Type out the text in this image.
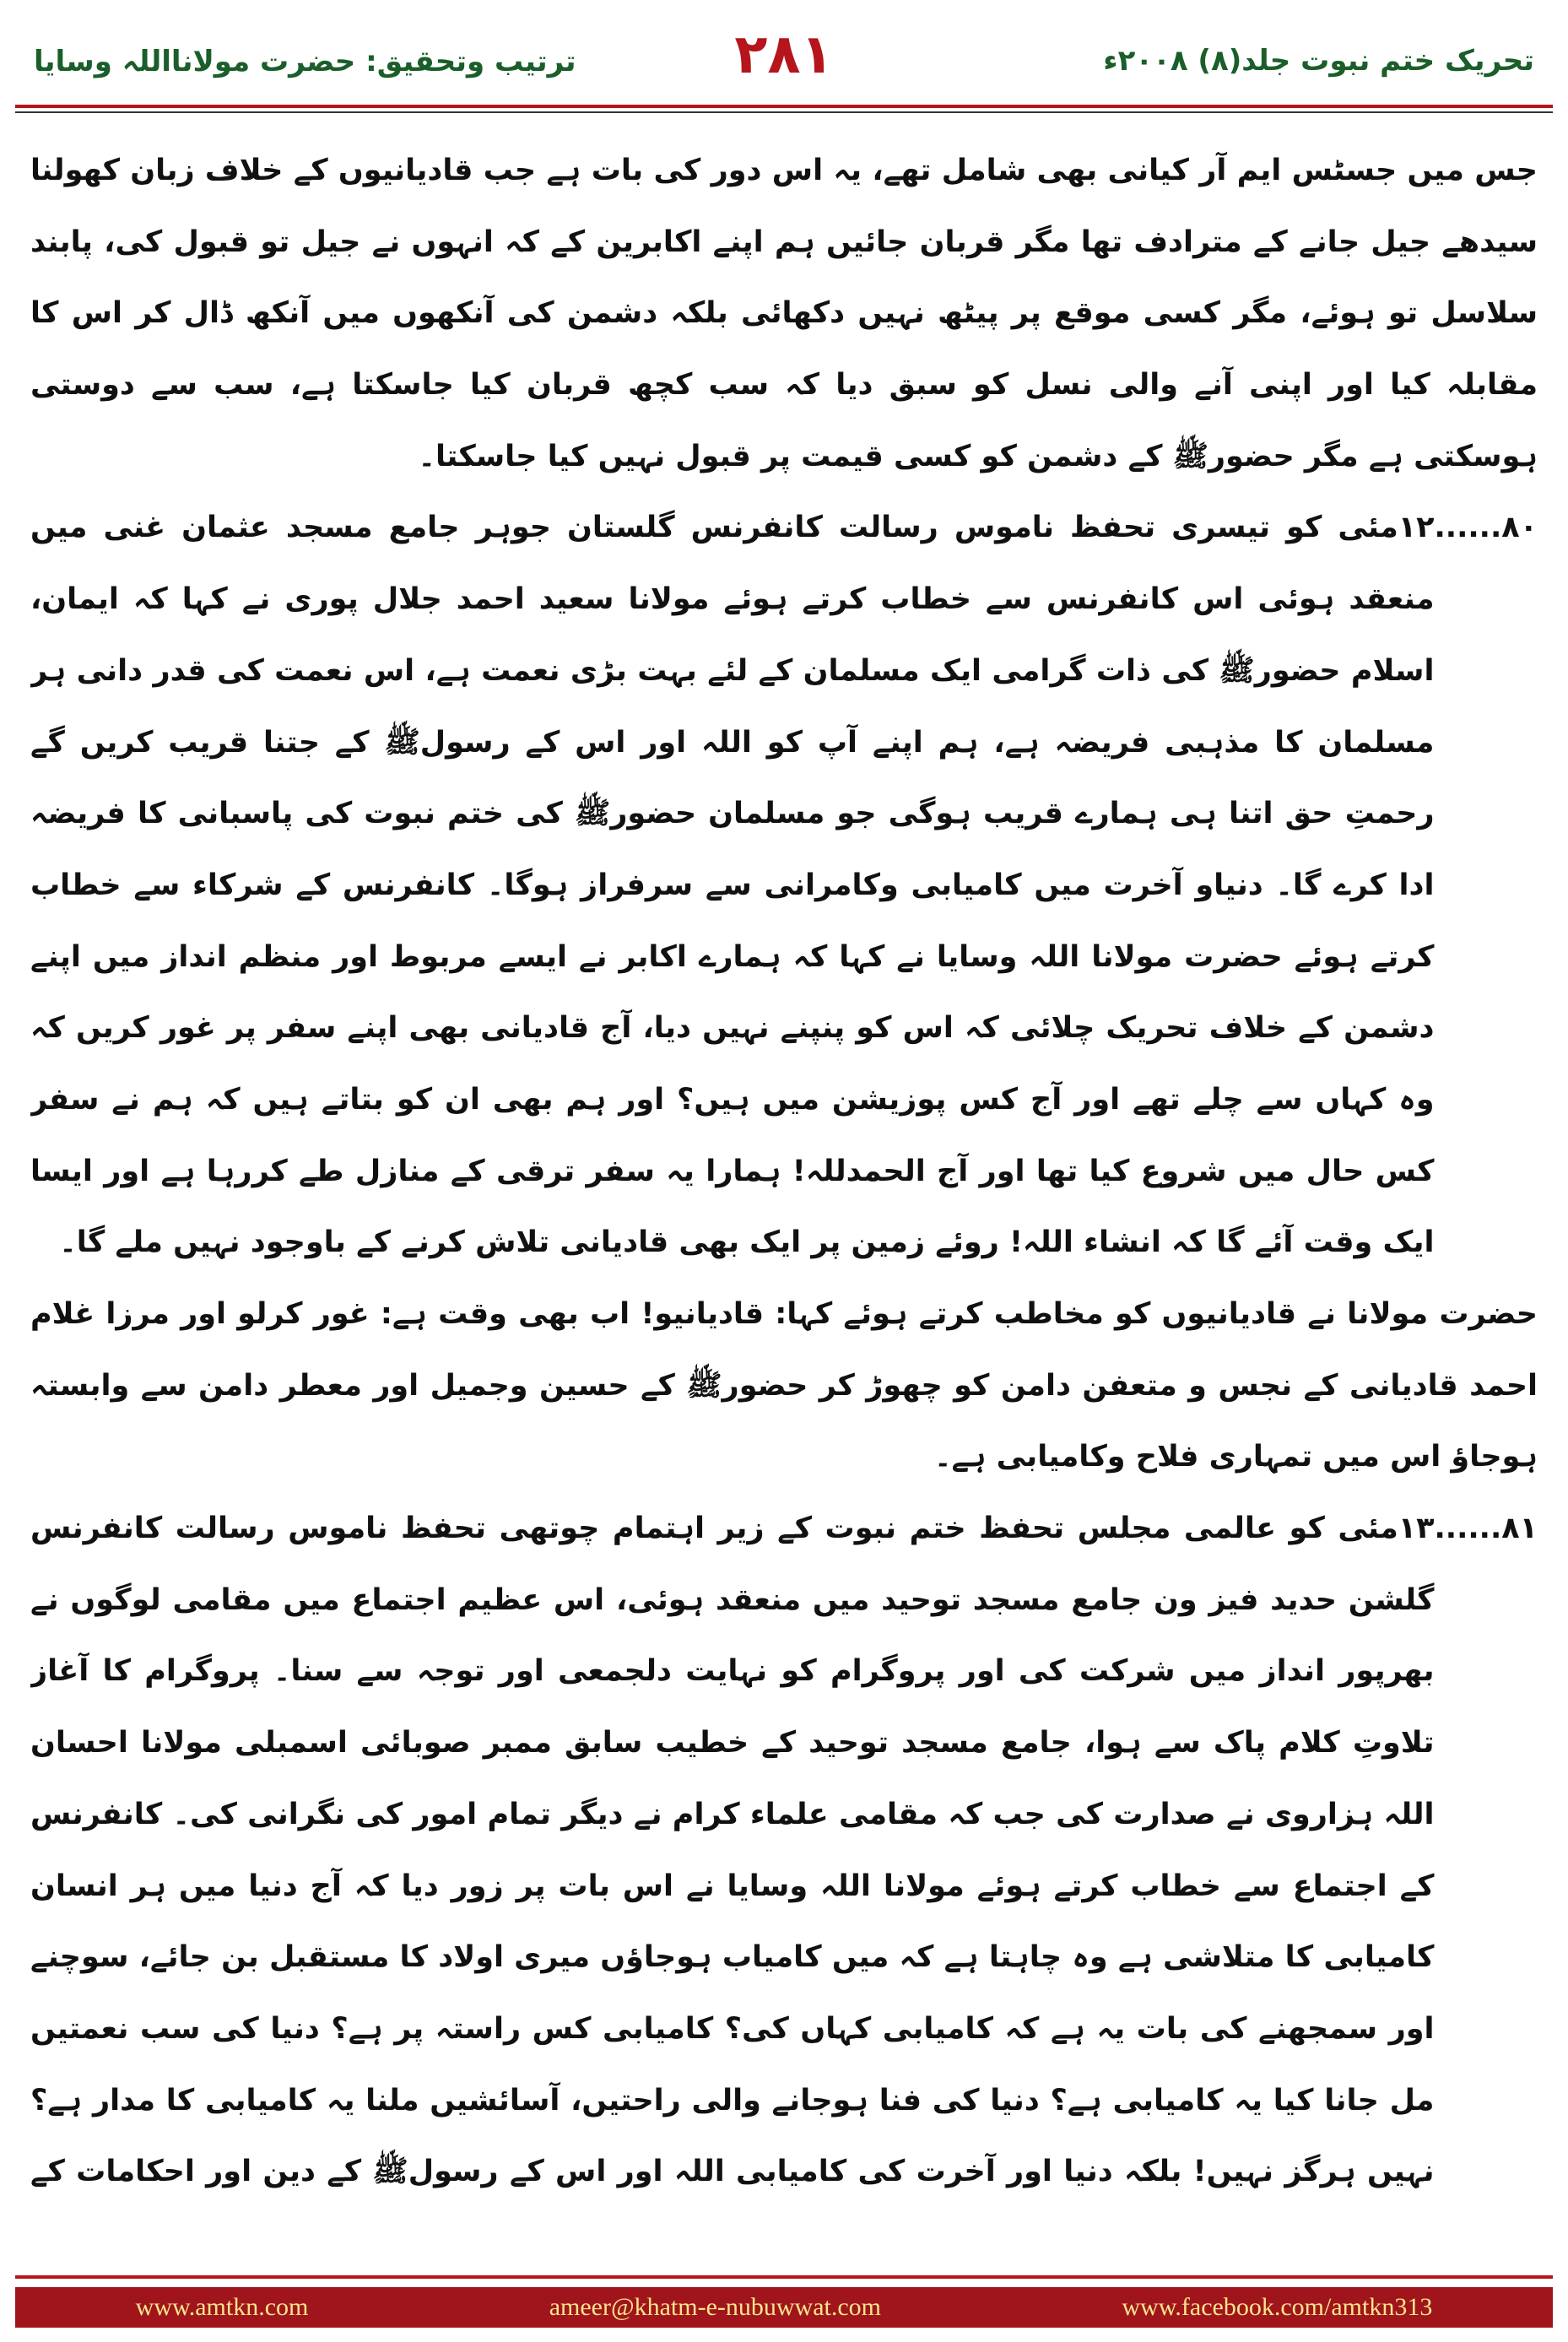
تحریک ختم نبوت جلد(۸) ۲۰۰۸ء
۲۸۱
ترتیب وتحقیق: حضرت مولانااللہ وسایا

جس میں جسٹس ایم آر کیانی بھی شامل تھے، یہ اس دور کی بات ہے جب قادیانیوں کے خلاف زبان کھولنا سیدھے جیل جانے کے مترادف تھا مگر قربان جائیں ہم اپنے اکابرین کے کہ انہوں نے جیل تو قبول کی، پابند سلاسل تو ہوئے، مگر کسی موقع پر پیٹھ نہیں دکھائی بلکہ دشمن کی آنکھوں میں آنکھ ڈال کر اس کا مقابلہ کیا اور اپنی آنے والی نسل کو سبق دیا کہ سب کچھ قربان کیا جاسکتا ہے، سب سے دوستی ہوسکتی ہے مگر حضورﷺ کے دشمن کو کسی قیمت پر قبول نہیں کیا جاسکتا۔

۸۰......
۱۲مئی کو تیسری تحفظ ناموس رسالت کانفرنس گلستان جوہر جامع مسجد عثمان غنی میں منعقد ہوئی اس کانفرنس سے خطاب کرتے ہوئے مولانا سعید احمد جلال پوری نے کہا کہ ایمان، اسلام حضورﷺ کی ذات گرامی ایک مسلمان کے لئے بہت بڑی نعمت ہے، اس نعمت کی قدر دانی ہر مسلمان کا مذہبی فریضہ ہے، ہم اپنے آپ کو اللہ اور اس کے رسولﷺ کے جتنا قریب کریں گے رحمتِ حق اتنا ہی ہمارے قریب ہوگی جو مسلمان حضورﷺ کی ختم نبوت کی پاسبانی کا فریضہ ادا کرے گا۔ دنیاو آخرت میں کامیابی وکامرانی سے سرفراز ہوگا۔ کانفرنس کے شرکاء سے خطاب کرتے ہوئے حضرت مولانا اللہ وسایا نے کہا کہ ہمارے اکابر نے ایسے مربوط اور منظم انداز میں اپنے دشمن کے خلاف تحریک چلائی کہ اس کو پنپنے نہیں دیا، آج قادیانی بھی اپنے سفر پر غور کریں کہ وہ کہاں سے چلے تھے اور آج کس پوزیشن میں ہیں؟ اور ہم بھی ان کو بتاتے ہیں کہ ہم نے سفر کس حال میں شروع کیا تھا اور آج الحمدللہ! ہمارا یہ سفر ترقی کے منازل طے کررہا ہے اور ایسا ایک وقت آئے گا کہ انشاء اللہ! روئے زمین پر ایک بھی قادیانی تلاش کرنے کے باوجود نہیں ملے گا۔

حضرت مولانا نے قادیانیوں کو مخاطب کرتے ہوئے کہا: قادیانیو! اب بھی وقت ہے: غور کرلو اور مرزا غلام احمد قادیانی کے نجس و متعفن دامن کو چھوڑ کر حضورﷺ کے حسین وجمیل اور معطر دامن سے وابستہ ہوجاؤ اس میں تمہاری فلاح وکامیابی ہے۔

۸۱......
۱۳مئی کو عالمی مجلس تحفظ ختم نبوت کے زیر اہتمام چوتھی تحفظ ناموس رسالت کانفرنس گلشن حدید فیز ون جامع مسجد توحید میں منعقد ہوئی، اس عظیم اجتماع میں مقامی لوگوں نے بھرپور انداز میں شرکت کی اور پروگرام کو نہایت دلجمعی اور توجہ سے سنا۔ پروگرام کا آغاز تلاوتِ کلام پاک سے ہوا، جامع مسجد توحید کے خطیب سابق ممبر صوبائی اسمبلی مولانا احسان اللہ ہزاروی نے صدارت کی جب کہ مقامی علماء کرام نے دیگر تمام امور کی نگرانی کی۔ کانفرنس کے اجتماع سے خطاب کرتے ہوئے مولانا اللہ وسایا نے اس بات پر زور دیا کہ آج دنیا میں ہر انسان کامیابی کا متلاشی ہے وہ چاہتا ہے کہ میں کامیاب ہوجاؤں میری اولاد کا مستقبل بن جائے، سوچنے اور سمجھنے کی بات یہ ہے کہ کامیابی کہاں کی؟ کامیابی کس راستہ پر ہے؟ دنیا کی سب نعمتیں مل جانا کیا یہ کامیابی ہے؟ دنیا کی فنا ہوجانے والی راحتیں، آسائشیں ملنا یہ کامیابی کا مدار ہے؟ نہیں ہرگز نہیں! بلکہ دنیا اور آخرت کی کامیابی اللہ اور اس کے رسولﷺ کے دین اور احکامات کے
www.amtkn.com	ameer@khatm-e-nubuwwat.com	www.facebook.com/amtkn313
